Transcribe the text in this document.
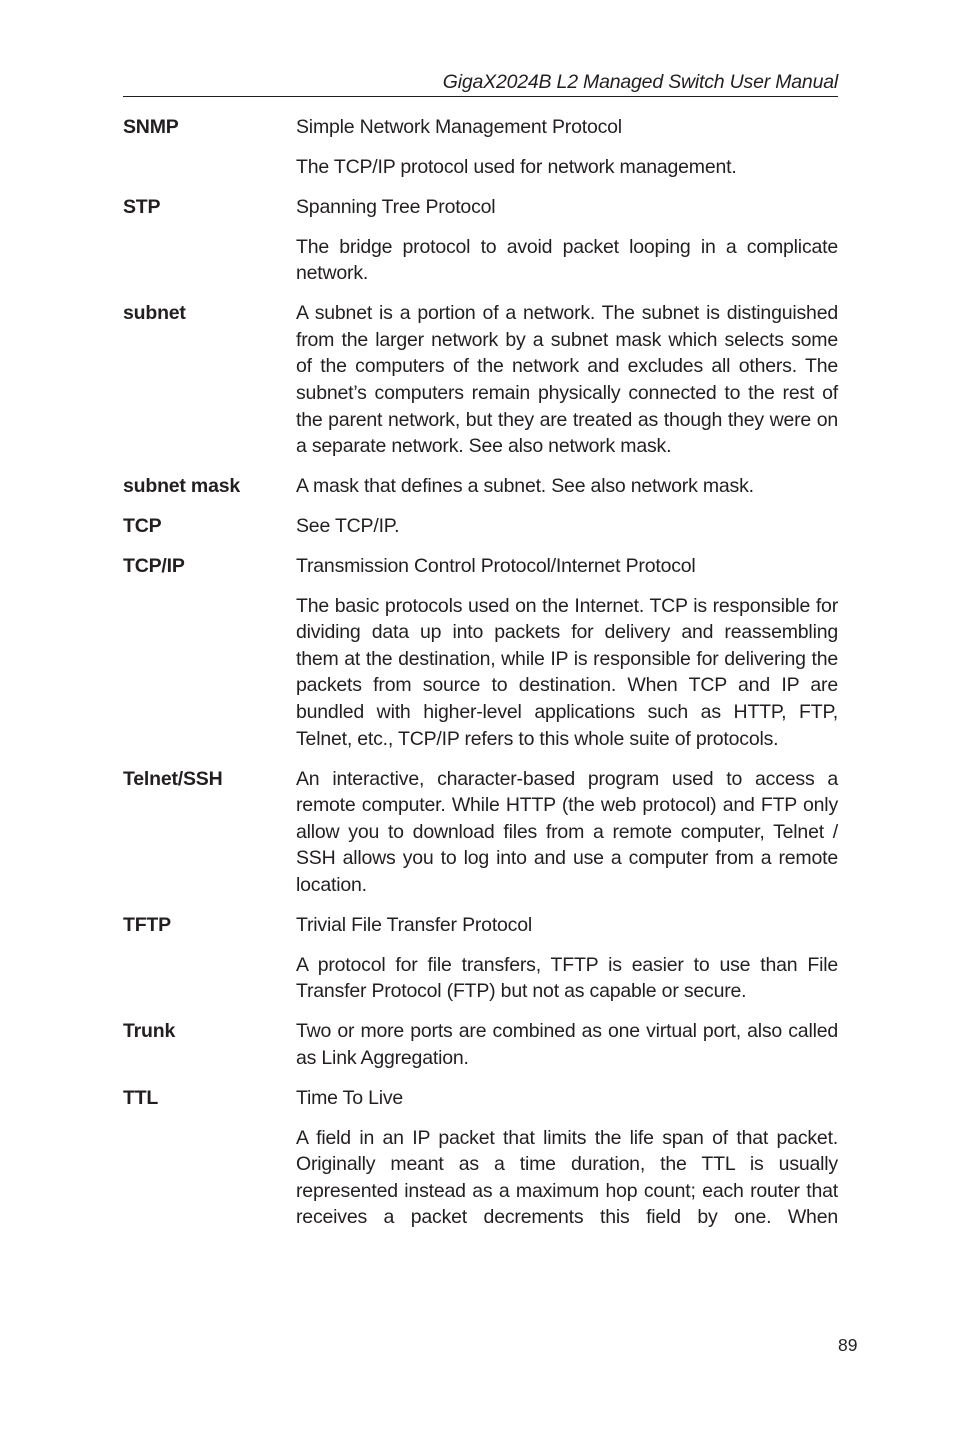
GigaX2024B L2 Managed Switch User Manual
SNMP	Simple Network Management Protocol

The TCP/IP protocol used for network management.

STP	Spanning Tree Protocol

The bridge protocol to avoid packet looping in a complicate network.

subnet	A subnet is a portion of a network. The subnet is distinguished from the larger network by a subnet mask which selects some of the computers of the network and excludes all others. The subnet’s computers remain physically connected to the rest of the parent network, but they are treated as though they were on a separate network. See also network mask.

subnet mask	A mask that defines a subnet. See also network mask.

TCP	See TCP/IP.

TCP/IP	Transmission Control Protocol/Internet Protocol

The basic protocols used on the Internet. TCP is responsible for dividing data up into packets for delivery and reassembling them at the destination, while IP is responsible for delivering the packets from source to destination. When TCP and IP are bundled with higher-level applications such as HTTP, FTP, Telnet, etc., TCP/IP refers to this whole suite of protocols.

Telnet/SSH	An interactive, character-based program used to access a remote computer. While HTTP (the web protocol) and FTP only allow you to download files from a remote computer, Telnet / SSH allows you to log into and use a computer from a remote location.

TFTP	Trivial File Transfer Protocol

A protocol for file transfers, TFTP is easier to use than File Transfer Protocol (FTP) but not as capable or secure.

Trunk	Two or more ports are combined as one virtual port, also called as Link Aggregation.

TTL	Time To Live

A field in an IP packet that limits the life span of that packet. Originally meant as a time duration, the TTL is usually represented instead as a maximum hop count; each router that receives a packet decrements this field by one. When

89
